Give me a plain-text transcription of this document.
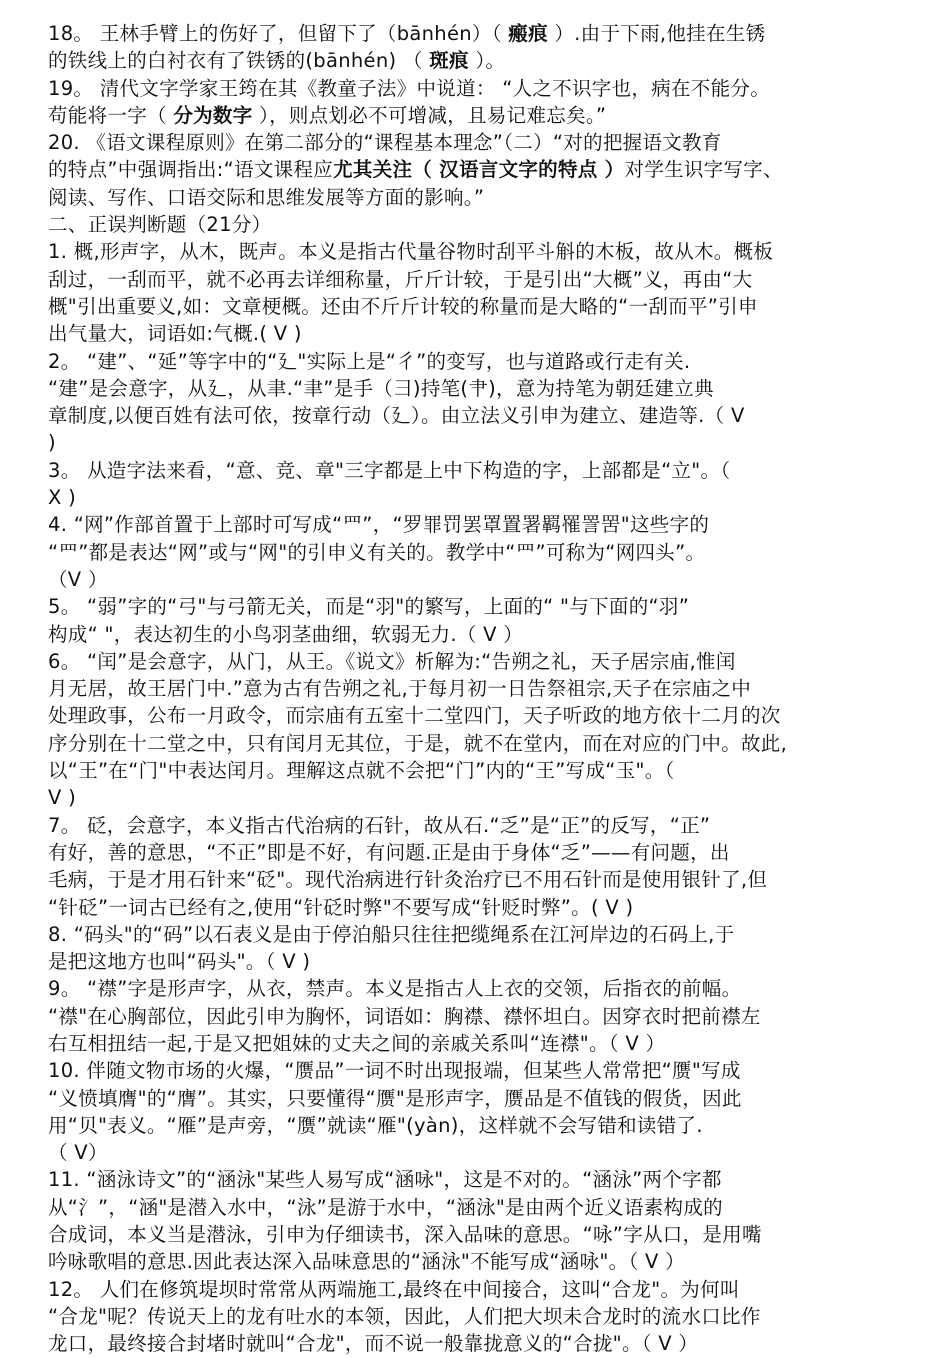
18。 王林手臂上的伤好了，但留下了（bānhén）（ 瘢痕 ）.由于下雨,他挂在生锈
的铁线上的白衬衣有了铁锈的(bānhén) （ 斑痕 ）。
19。 清代文字学家王筠在其《教童子法》中说道： “人之不识字也，病在不能分。
苟能将一字（ 分为数字 ），则点划必不可增减，且易记难忘矣。”
20. 《语文课程原则》在第二部分的“课程基本理念”（二）“对的把握语文教育
的特点”中强调指出:“语文课程应尤其关注（ 汉语言文字的特点 ）对学生识字写字、
阅读、写作、口语交际和思维发展等方面的影响。”
二、正误判断题（21分）
1. 概,形声字，从木，既声。本义是指古代量谷物时刮平斗斛的木板，故从木。概板
刮过，一刮而平，就不必再去详细称量，斤斤计较，于是引出“大概”义，再由“大
概"引出重要义,如：文章梗概。还由不斤斤计较的称量而是大略的“一刮而平”引申
出气量大，词语如:气概.( V )
2。 “建”、“延”等字中的“廴"实际上是“彳”的变写，也与道路或行走有关.
“建”是会意字，从廴，从聿.“聿”是手（彐)持笔(⺺)，意为持笔为朝廷建立典
章制度,以便百姓有法可依，按章行动（廴）。由立法义引申为建立、建造等.（ V
)
3。 从造字法来看，“意、竞、章"三字都是上中下构造的字，上部都是“立"。（
X )
4. “网”作部首置于上部时可写成“罒”，“罗罪罚罢罩置署羁罹詈罟"这些字的
“罒”都是表达“网”或与“网"的引申义有关的。教学中“罒”可称为“网四头”。
（V ）
5。 “弱”字的“弓"与弓箭无关，而是“羽"的繁写，上面的“ "与下面的“羽”
构成“ "，表达初生的小鸟羽茎曲细，软弱无力.（ V ）
6。 “闰”是会意字，从门，从王。《说文》析解为:“告朔之礼，天子居宗庙,惟闰
月无居，故王居门中.”意为古有告朔之礼,于每月初一日告祭祖宗,天子在宗庙之中
处理政事，公布一月政令，而宗庙有五室十二堂四门，天子听政的地方依十二月的次
序分别在十二堂之中，只有闰月无其位，于是，就不在堂内，而在对应的门中。故此,
以“王”在“门"中表达闰月。理解这点就不会把“门”内的“王”写成“玉"。（
V )
7。 砭，会意字，本义指古代治病的石针，故从石.“乏”是“正”的反写，“正”
有好，善的意思，“不正”即是不好，有问题.正是由于身体“乏”——有问题，出
毛病，于是才用石针来“砭"。现代治病进行针灸治疗已不用石针而是使用银针了,但
“针砭”一词古已经有之,使用“针砭时弊"不要写成“针贬时弊”。( V )
8. “码头"的“码”以石表义是由于停泊船只往往把缆绳系在江河岸边的石码上,于
是把这地方也叫“码头"。（ V )
9。 “襟”字是形声字，从衣，禁声。本义是指古人上衣的交领，后指衣的前幅。
“襟"在心胸部位，因此引申为胸怀，词语如：胸襟、襟怀坦白。因穿衣时把前襟左
右互相扭结一起,于是又把姐妹的丈夫之间的亲戚关系叫“连襟"。（ V ）
10. 伴随文物市场的火爆，“赝品”一词不时出现报端，但某些人常常把“赝"写成
“义愤填膺"的“膺”。其实，只要懂得“赝"是形声字，赝品是不值钱的假货，因此
用“贝"表义。“雁”是声旁，“赝”就读“雁"(yàn)，这样就不会写错和读错了.
（ V）
11. “涵泳诗文”的“涵泳"某些人易写成“涵咏"，这是不对的。“涵泳”两个字都
从“氵”，“涵"是潜入水中，“泳”是游于水中，“涵泳"是由两个近义语素构成的
合成词，本义当是潜泳，引申为仔细读书，深入品味的意思。“咏”字从口，是用嘴
吟咏歌唱的意思.因此表达深入品味意思的“涵泳"不能写成“涵咏"。（ V ）
12。 人们在修筑堤坝时常常从两端施工,最终在中间接合，这叫“合龙"。为何叫
“合龙"呢？传说天上的龙有吐水的本领，因此，人们把大坝未合龙时的流水口比作
龙口，最终接合封堵时就叫“合龙"，而不说一般靠拢意义的“合拢"。（ V ）
